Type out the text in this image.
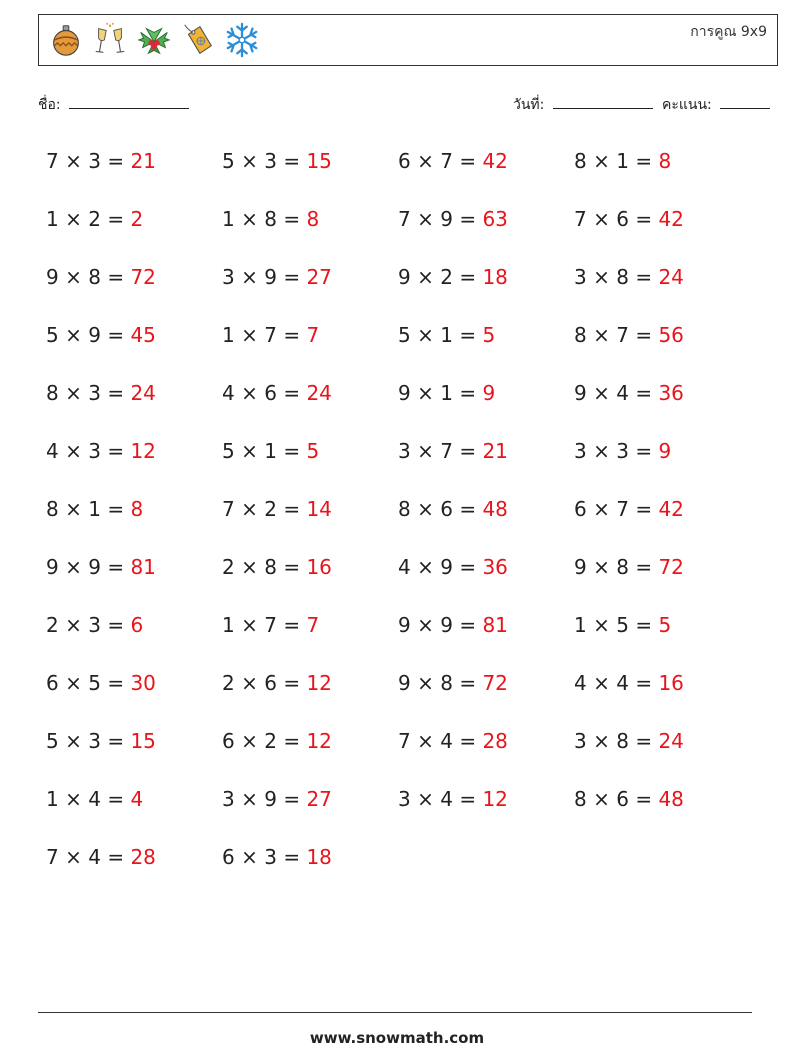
การคูณ 9x9
ชื่อ:	วันที่:	คะแนน:
7 × 3 = 21	5 × 3 = 15	6 × 7 = 42	8 × 1 = 8
1 × 2 = 2	1 × 8 = 8	7 × 9 = 63	7 × 6 = 42
9 × 8 = 72	3 × 9 = 27	9 × 2 = 18	3 × 8 = 24
5 × 9 = 45	1 × 7 = 7	5 × 1 = 5	8 × 7 = 56
8 × 3 = 24	4 × 6 = 24	9 × 1 = 9	9 × 4 = 36
4 × 3 = 12	5 × 1 = 5	3 × 7 = 21	3 × 3 = 9
8 × 1 = 8	7 × 2 = 14	8 × 6 = 48	6 × 7 = 42
9 × 9 = 81	2 × 8 = 16	4 × 9 = 36	9 × 8 = 72
2 × 3 = 6	1 × 7 = 7	9 × 9 = 81	1 × 5 = 5
6 × 5 = 30	2 × 6 = 12	9 × 8 = 72	4 × 4 = 16
5 × 3 = 15	6 × 2 = 12	7 × 4 = 28	3 × 8 = 24
1 × 4 = 4	3 × 9 = 27	3 × 4 = 12	8 × 6 = 48
7 × 4 = 28	6 × 3 = 18
www.snowmath.com
